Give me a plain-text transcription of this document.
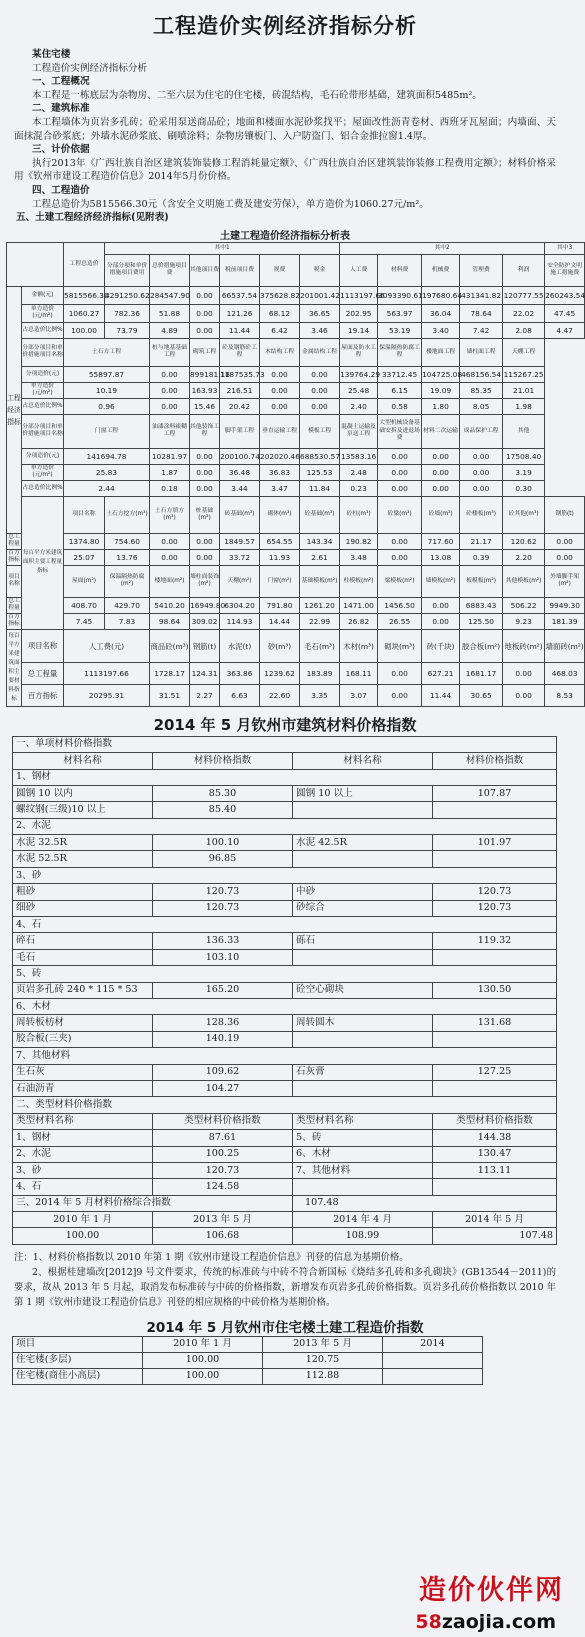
工程造价实例经济指标分析
某住宅楼
工程造价实例经济指标分析
一、工程概况

本工程是一栋底层为杂物房、二至六层为住宅的住宅楼，砖混结构，毛石砼带形基础，建筑面积5485m²。

二、建筑标准

本工程墙体为页岩多孔砖；砼采用泵送商品砼；地面和楼面水泥砂浆找平；屋面改性沥青卷材、西班牙瓦屋面；内墙面、天面抹混合砂浆底；外墙水泥砂浆底、刷喷涂料；杂物房镶板门、入户防盗门、铝合金推拉窗1.4厚。

三、计价依据

执行2013年《广西壮族自治区建筑装饰装修工程消耗量定额》、《广西壮族自治区建筑装饰装修工程费用定额》；材料价格采用《钦州市建设工程造价信息》2014年5月份价格。

四、工程造价

工程总造价为5815566.30元（含安全文明施工费及建安劳保），单方造价为1060.27元/m²。

五、土建工程经济经济指标(见附表)
土建工程造价经济指标分析表
		工程总造价	其中1						其中2					其中3	
			分部分项和单价措施项目费用	总价措施项目费	其他项目费	税前项目费	规费	税金	人工费	材料费	机械费	管理费	利润	安全防护文明施工措施费	
工程经济指标	金额(元)	5815566.30	4291250.62	284547.90	0.00	66537.54	375628.82	201001.42	1113197.66	3093390.61	197680.64	431341.82	120777.55	260243.54	
	单方造价(元/m²)	1060.27	782.36	51.88	0.00	121.26	68.12	36.65	202.95	563.97	36.04	78.64	22.02	47.45	
	占总造价比例%	100.00	73.79	4.89	0.00	11.44	6.42	3.46	19.14	53.19	3.40	7.42	2.08	4.47	
	分部分项目和单价措施项目名称	土石方工程		桩与地基基础工程	砌筑工程	砼及钢筋砼工程	木结构工程	金属结构工程	屋面及防水工程	保温隔热防腐工程	楼地面工程	墙柱面工程	天棚工程		
	分项造价(元)	55897.87		0.00	899181.18	1187535.73	0.00	0.00	139764.29	33712.45	104725.08	468156.54	115267.25		
	单方造价(元/m²)	10.19		0.00	163.93	216.51	0.00	0.00	25.48	6.15	19.09	85.35	21.01		
	占总造价比例%	0.96		0.00	15.46	20.42	0.00	0.00	2.40	0.58	1.80	8.05	1.98		
	分部分项目和单价措施项目名称	门窗工程		油漆涂料裱糊工程	其他装饰工程	脚手架工程	垂直运输工程	模板工程	混凝土运输及泵送工程	大型机械设备基础安拆及进退场费	材料二次运输	成品保护工程	其他		
	分项造价(元)	141694.78		10281.97	0.00	200100.74	202020.46	688530.57	13583.16	0.00	0.00	0.00	17508.40		
	单方造价(元/m²)	25.83		1.87	0.00	36.48	36.83	125.53	2.48	0.00	0.00	0.00	3.19		
	占总造价比例%	2.44		0.18	0.00	3.44	3.47	11.84	0.23	0.00	0.00	0.00	0.30		
	每百平方米建筑面积主要工程量指标	项目名称	土石方挖方(m³)	土石方填方(m³)	桩基础(m³)	砖基础(m³)	砌体(m³)	砼基础(m³)	砼柱(m³)	砼梁(m³)	砼墙(m³)	砼楼板(m³)	砼其他(m³)	钢筋(t)	
总工程量		1374.80	754.60	0.00	0.00	1849.57	654.55	143.34	190.82	0.00	717.60	21.17	120.62	0.00	
百方指标		25.07	13.76	0.00	0.00	33.72	11.93	2.61	3.48	0.00	13.08	0.39	2.20	0.00	
项目名称		屋面(m²)	保温隔热防腐(m²)	楼地面(m²)	墙柱面装饰(m²)	天棚(m²)	门窗(m²)	基础模板(m²)	柱模板(m²)	梁模板(m²)	墙模板(m²)	板模板(m²)	其他模板(m²)	外墙脚手架(m²)	
总工程量		408.70	429.70	5410.20	16949.80	6304.20	791.80	1261.20	1471.00	1456.50	0.00	6883.43	506.22	9949.30	
百方指标		7.45	7.83	98.64	309.02	114.93	14.44	22.99	26.82	26.55	0.00	125.50	9.23	181.39	
每百平方米建筑面积主要材料指标	项目名称	人工费(元)		商品砼(m³)	钢筋(t)	水泥(t)	砂(m³)	毛石(m³)	木材(m³)	砌块(m³)	砖(千块)	胶合板(m²)	地板砖(m²)	墙面砖(m²)	
	总工程量	1113197.66		1728.17	124.31	363.86	1239.62	183.89	168.11	0.00	627.21	1681.17	0.00	468.03	
	百方指标	20295.31		31.51	2.27	6.63	22.60	3.35	3.07	0.00	11.44	30.65	0.00	8.53	
2014 年 5 月钦州市建筑材料价格指数
一、单项材料价格指数			
材料名称	材料价格指数	材料名称	材料价格指数
1、钢材			
圆钢 10 以内	85.30	圆钢 10 以上	107.87
螺纹钢(三级)10 以上	85.40		
2、水泥			
水泥 32.5R	100.10	水泥 42.5R	101.97
水泥 52.5R	96.85		
3、砂			
粗砂	120.73	中砂	120.73
细砂	120.73	砂综合	120.73
4、石			
碎石	136.33	砾石	119.32
毛石	103.10		
5、砖			
页岩多孔砖 240 * 115 * 53	165.20	砼空心砌块	130.50
6、木材			
周转板枋材	128.36	周转圆木	131.68
胶合板(三夹)	140.19		
7、其他材料			
生石灰	109.62	石灰膏	127.25
石油沥青	104.27		
二、类型材料价格指数			
类型材料名称	类型材料价格指数	类型材料名称	类型材料价格指数
1、钢材	87.61	5、砖	144.38
2、水泥	100.25	6、木材	130.47
3、砂	120.73	7、其他材料	113.11
4、石	124.58		
三、2014 年 5 月材料价格综合指数		107.48	
2010 年 1 月	2013 年 5 月	2014 年 4 月	2014 年 5 月
100.00	106.68	108.99	107.48

注：1、材料价格指数以 2010 年第 1 期《钦州市建设工程造价信息》刊登的信息为基期价格。

2、根据桂建墙改[2012]9 号文件要求，传统的标准砖与中砖不符合新国标《烧结多孔砖和多孔砌块》(GB13544－2011)的要求，故从 2013 年 5 月起，取消发布标准砖与中砖的价格指数，新增发布页岩多孔砖价格指数。页岩多孔砖价格指数以 2010 年第 1 期《钦州市建设工程造价信息》刊登的相应规格的中砖价格为基期价格。

2014 年 5 月钦州市住宅楼土建工程造价指数
项目	2010 年 1 月	2013 年 5 月	2014
住宅楼(多层)	100.00	120.75	
住宅楼(商住小高层)	100.00	112.88	
造价伙伴网
58zaojia.com
